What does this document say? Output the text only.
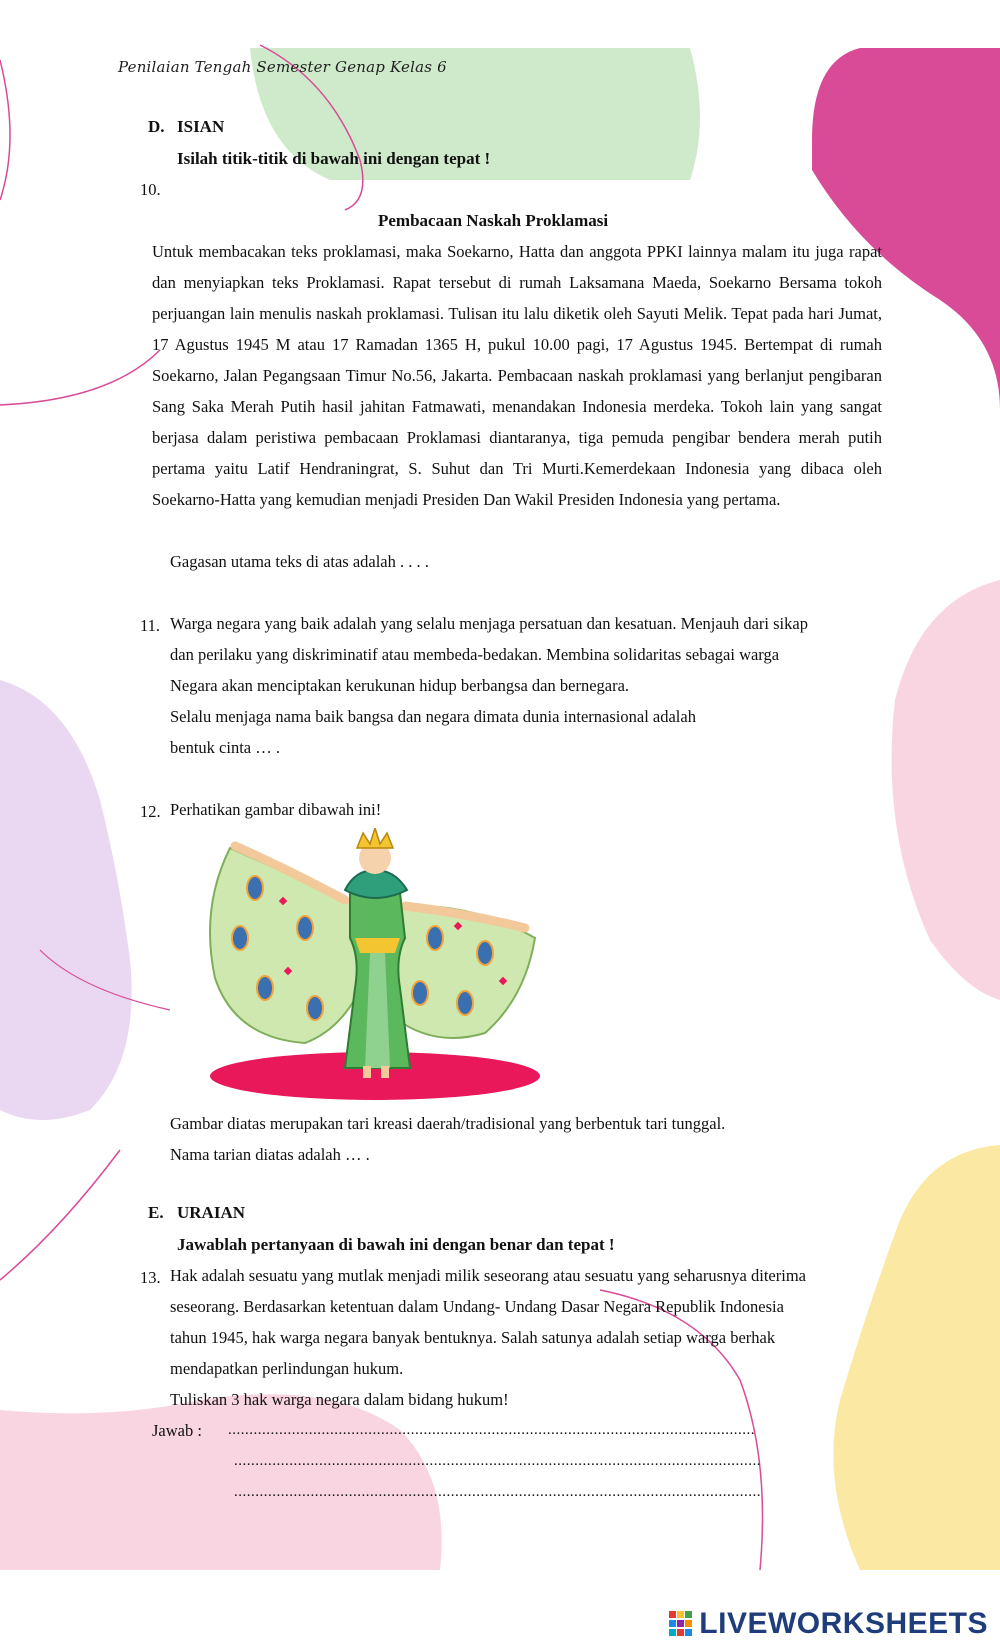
Penilaian Tengah Semester Genap Kelas 6
D. ISIAN
Isilah titik-titik di bawah ini dengan tepat !
10.
Pembacaan Naskah Proklamasi

Untuk membacakan teks proklamasi, maka Soekarno, Hatta dan anggota PPKI lainnya malam itu juga rapat dan menyiapkan teks Proklamasi. Rapat tersebut di rumah Laksamana Maeda, Soekarno Bersama tokoh perjuangan lain menulis naskah proklamasi. Tulisan itu lalu diketik oleh Sayuti Melik. Tepat pada hari Jumat, 17 Agustus 1945 M atau 17 Ramadan 1365 H, pukul 10.00 pagi, 17 Agustus 1945. Bertempat di rumah Soekarno, Jalan Pegangsaan Timur No.56, Jakarta. Pembacaan naskah proklamasi yang berlanjut pengibaran Sang Saka Merah Putih hasil jahitan Fatmawati, menandakan Indonesia merdeka. Tokoh lain yang sangat berjasa dalam peristiwa pembacaan Proklamasi diantaranya, tiga pemuda pengibar bendera merah putih pertama yaitu Latif Hendraningrat, S. Suhut dan Tri Murti.Kemerdekaan Indonesia yang dibaca oleh Soekarno-Hatta yang kemudian menjadi Presiden Dan Wakil Presiden Indonesia yang pertama.

Gagasan utama teks di atas adalah . . . .
11. Warga negara yang baik adalah yang selalu menjaga persatuan dan kesatuan. Menjauh dari sikap

dan perilaku yang diskriminatif atau membeda-bedakan. Membina solidaritas sebagai warga

Negara akan menciptakan kerukunan hidup berbangsa dan bernegara.

Selalu menjaga nama baik bangsa dan negara dimata dunia internasional adalah

bentuk cinta … .

12. Perhatikan gambar dibawah ini!

Gambar diatas merupakan tari kreasi daerah/tradisional yang berbentuk tari tunggal.

Nama tarian diatas adalah … .

E. URAIAN
Jawablah pertanyaan di bawah ini dengan benar dan tepat !
13. Hak adalah sesuatu yang mutlak menjadi milik seseorang atau sesuatu yang seharusnya diterima

seseorang. Berdasarkan ketentuan dalam Undang- Undang Dasar Negara Republik Indonesia

tahun 1945, hak warga negara banyak bentuknya. Salah satunya adalah setiap warga berhak

mendapatkan perlindungan hukum.

Tuliskan 3 hak warga negara dalam bidang hukum!

Jawab : ............................................................................................................................
............................................................................................................................
............................................................................................................................
LIVEWORKSHEETS
